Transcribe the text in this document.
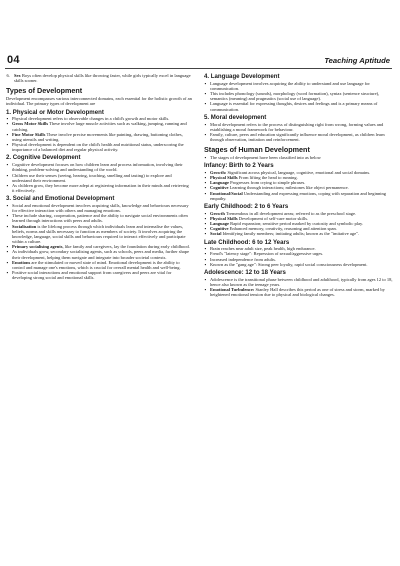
04	Teaching Aptitude
6. Sex Boys often develop physical skills like throwing faster, while girls typically excel in language skills sooner.
Types of Development

Development encompasses various interconnected domains, each essential for the holistic growth of an individual. The primary types of development are

1. Physical or Motor Development
▪ Physical development refers to observable changes in a child's growth and motor skills.
▪ Gross Motor Skills These involve large muscle activities such as walking, jumping, running and catching.
▪ Fine Motor Skills These involve precise movements like painting, drawing, buttoning clothes, using utensils and writing.
▪ Physical development is dependent on the child's health and nutritional status, underscoring the importance of a balanced diet and regular physical activity.
2. Cognitive Development
▪ Cognitive development focuses on how children learn and process information, involving their thinking, problem-solving and understanding of the world.
▪ Children use their senses (seeing, hearing, touching, smelling and tasting) to explore and understand their environment.
▪ As children grow, they become more adept at registering information in their minds and retrieving it effectively.
3. Social and Emotional Development
▪ Social and emotional development involves acquiring skills, knowledge and behaviours necessary for effective interaction with others and managing emotions.
▪ These include sharing, cooperation, patience and the ability to navigate social environments often learned through interactions with peers and adults.
▪ Socialisation is the lifelong process through which individuals learn and internalise the values, beliefs, norms and skills necessary to function as members of society. It involves acquiring the knowledge, language, social skills and behaviours required to interact effectively and participate within a culture.
▪ Primary socialising agents, like family and caregivers, lay the foundation during early childhood.
▪ As individuals grow, secondary socialising agents, such as schools, peers and media, further shape their development, helping them navigate and integrate into broader societal contexts.
▪ Emotions are the stimulated or moved state of mind. Emotional development is the ability to control and manage one's emotions, which is crucial for overall mental health and well-being.
▪ Positive social interactions and emotional support from caregivers and peers are vital for developing strong social and emotional skills.
4. Language Development
▪ Language development involves acquiring the ability to understand and use language for communication.
▪ This includes phonology (sounds), morphology (word formation), syntax (sentence structure), semantics (meaning) and pragmatics (social use of language).
▪ Language is essential for expressing thoughts, desires and feelings and is a primary means of communication.
5. Moral development
▪ Moral development refers to the process of distinguishing right from wrong, forming values and establishing a moral framework for behaviour.
▪ Family, culture, peers and education significantly influence moral development, as children learn through observation, imitation and reinforcement.
Stages of Human Development
▪ The stages of development have been classified into as below
Infancy: Birth to 2 Years
▪ Growth: Significant across physical, language, cognitive, emotional and social domains.
▪ Physical Skills From lifting the head to running.
▪ Language Progresses from crying to simple phrases.
▪ Cognitive Learning through interactions; milestones like object permanence.
▪ Emotional/Social Understanding and expressing emotions, coping with separation and beginning empathy.
Early Childhood: 2 to 6 Years
▪ Growth Tremendous in all development areas; referred to as the preschool stage.
▪ Physical Skills Development of self-care motor skills.
▪ Language Rapid expansion; sensitive period marked by curiosity and symbolic play.
▪ Cognitive Enhanced memory, creativity, reasoning and attention span.
▪ Social Identifying family members; imitating adults; known as the "imitative age".
Late Childhood: 6 to 12 Years
▪ Brain reaches near adult size, peak health, high endurance.
▪ Freud's "latency stage": Repression of sexual/aggressive urges.
▪ Increased independence from adults.
▪ Known as the "gang age": Strong peer loyalty, rapid social consciousness development.
Adolescence: 12 to 18 Years
▪ Adolescence is the transitional phase between childhood and adulthood, typically from ages 12 to 18, hence also known as the teenage years.
▪ Emotional Turbulence: Stanley Hall describes this period as one of stress and storm, marked by heightened emotional tension due to physical and biological changes.
